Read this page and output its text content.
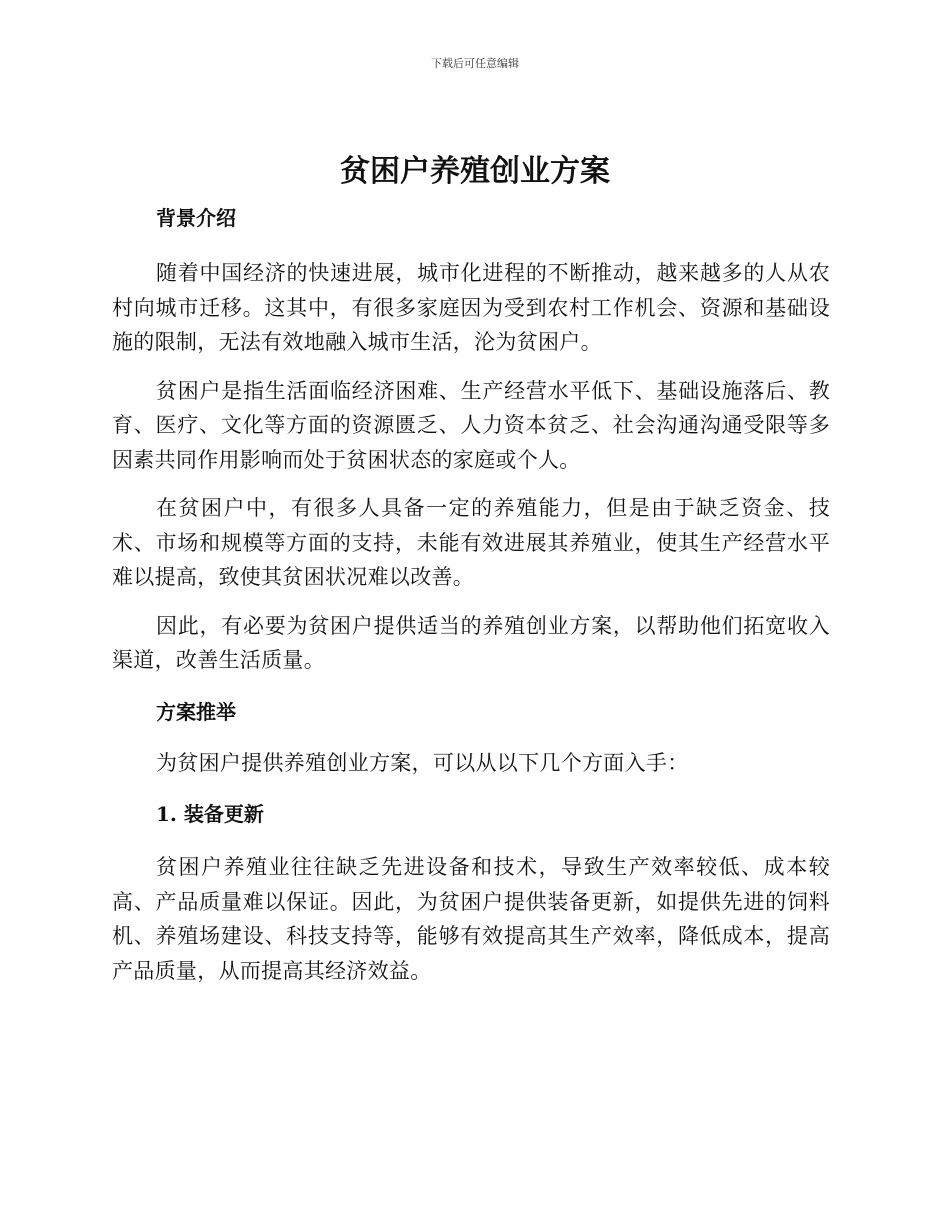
下载后可任意编辑
贫困户养殖创业方案

背景介绍

随着中国经济的快速进展，城市化进程的不断推动，越来越多的人从农村向城市迁移。这其中，有很多家庭因为受到农村工作机会、资源和基础设施的限制，无法有效地融入城市生活，沦为贫困户。

贫困户是指生活面临经济困难、生产经营水平低下、基础设施落后、教育、医疗、文化等方面的资源匮乏、人力资本贫乏、社会沟通沟通受限等多因素共同作用影响而处于贫困状态的家庭或个人。

在贫困户中，有很多人具备一定的养殖能力，但是由于缺乏资金、技术、市场和规模等方面的支持，未能有效进展其养殖业，使其生产经营水平难以提高，致使其贫困状况难以改善。

因此，有必要为贫困户提供适当的养殖创业方案，以帮助他们拓宽收入渠道，改善生活质量。

方案推举

为贫困户提供养殖创业方案，可以从以下几个方面入手：

1. 装备更新

贫困户养殖业往往缺乏先进设备和技术，导致生产效率较低、成本较高、产品质量难以保证。因此，为贫困户提供装备更新，如提供先进的饲料机、养殖场建设、科技支持等，能够有效提高其生产效率，降低成本，提高产品质量，从而提高其经济效益。
